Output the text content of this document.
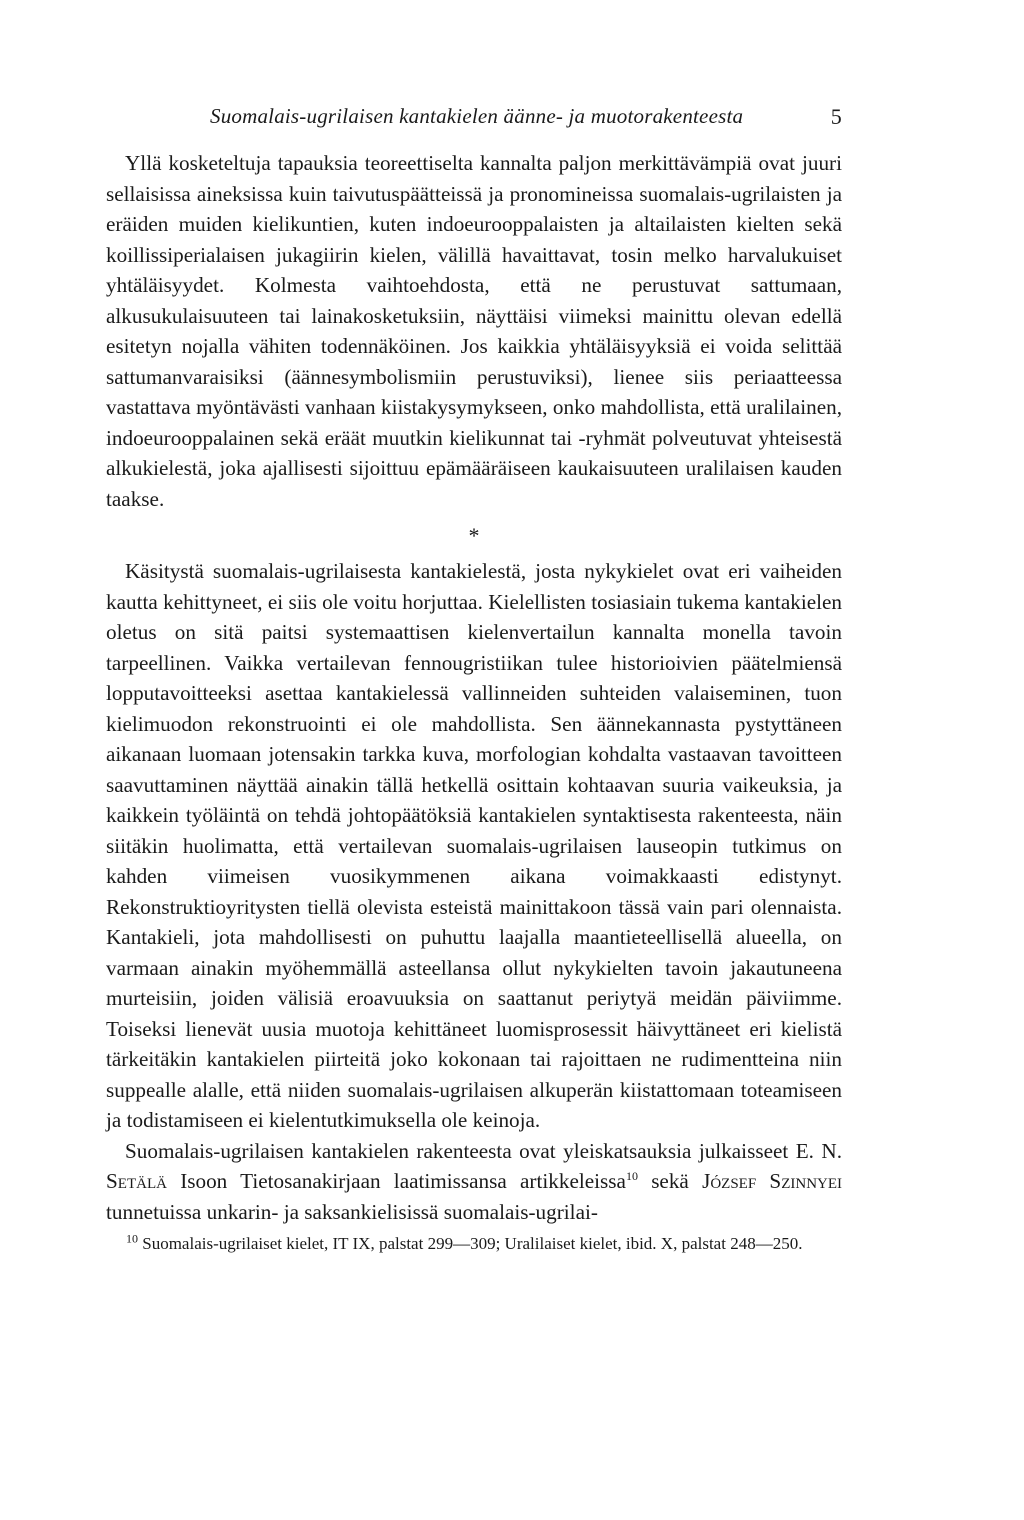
Suomalais-ugrilaisen kantakielen äänne- ja muotorakenteesta	5

Yllä kosketeltuja tapauksia teoreettiselta kannalta paljon merkittävämpiä ovat juuri sellaisissa aineksissa kuin taivutuspäätteissä ja pronomineissa suomalais-ugrilaisten ja eräiden muiden kielikuntien, kuten indoeurooppalaisten ja altailaisten kielten sekä koillissiperialaisen jukagiirin kielen, välillä havaittavat, tosin melko harvalukuiset yhtäläisyydet. Kolmesta vaihtoehdosta, että ne perustuvat sattumaan, alkusukulaisuuteen tai lainakosketuksiin, näyttäisi viimeksi mainittu olevan edellä esitetyn nojalla vähiten todennäköinen. Jos kaikkia yhtäläisyyksiä ei voida selittää sattumanvaraisiksi (äännesymbolismiin perustuviksi), lienee siis periaatteessa vastattava myöntävästi vanhaan kiistakysymykseen, onko mahdollista, että uralilainen, indoeurooppalainen sekä eräät muutkin kielikunnat tai -ryhmät polveutuvat yhteisestä alkukielestä, joka ajallisesti sijoittuu epämääräiseen kaukaisuuteen uralilaisen kauden taakse.

*

Käsitystä suomalais-ugrilaisesta kantakielestä, josta nykykielet ovat eri vaiheiden kautta kehittyneet, ei siis ole voitu horjuttaa. Kielellisten tosiasiain tukema kantakielen oletus on sitä paitsi systemaattisen kielenvertailun kannalta monella tavoin tarpeellinen. Vaikka vertailevan fennougristiikan tulee historioivien päätelmiensä lopputavoitteeksi asettaa kantakielessä vallinneiden suhteiden valaiseminen, tuon kielimuodon rekonstruointi ei ole mahdollista. Sen äännekannasta pystyttäneen aikanaan luomaan jotensakin tarkka kuva, morfologian kohdalta vastaavan tavoitteen saavuttaminen näyttää ainakin tällä hetkellä osittain kohtaavan suuria vaikeuksia, ja kaikkein työläintä on tehdä johtopäätöksiä kantakielen syntaktisesta rakenteesta, näin siitäkin huolimatta, että vertailevan suomalais-ugrilaisen lauseopin tutkimus on kahden viimeisen vuosikymmenen aikana voimakkaasti edistynyt. Rekonstruktioyritysten tiellä olevista esteistä mainittakoon tässä vain pari olennaista. Kantakieli, jota mahdollisesti on puhuttu laajalla maantieteellisellä alueella, on varmaan ainakin myöhemmällä asteellansa ollut nykykielten tavoin jakautuneena murteisiin, joiden välisiä eroavuuksia on saattanut periytyä meidän päiviimme. Toiseksi lienevät uusia muotoja kehittäneet luomisprosessit häivyttäneet eri kielistä tärkeitäkin kantakielen piirteitä joko kokonaan tai rajoittaen ne rudimentteina niin suppealle alalle, että niiden suomalais-ugrilaisen alkuperän kiistattomaan toteamiseen ja todistamiseen ei kielentutkimuksella ole keinoja.

Suomalais-ugrilaisen kantakielen rakenteesta ovat yleiskatsauksia julkaisseet E. N. Setälä Isoon Tietosanakirjaan laatimissansa artikkeleissa$^{10}$ sekä József Szinnyei tunnetuissa unkarin- ja saksankielisissä suomalais-ugrilai-

$^{10}$ Suomalais-ugrilaiset kielet, IT IX, palstat 299—309; Uralilaiset kielet, ibid. X, palstat 248—250.
